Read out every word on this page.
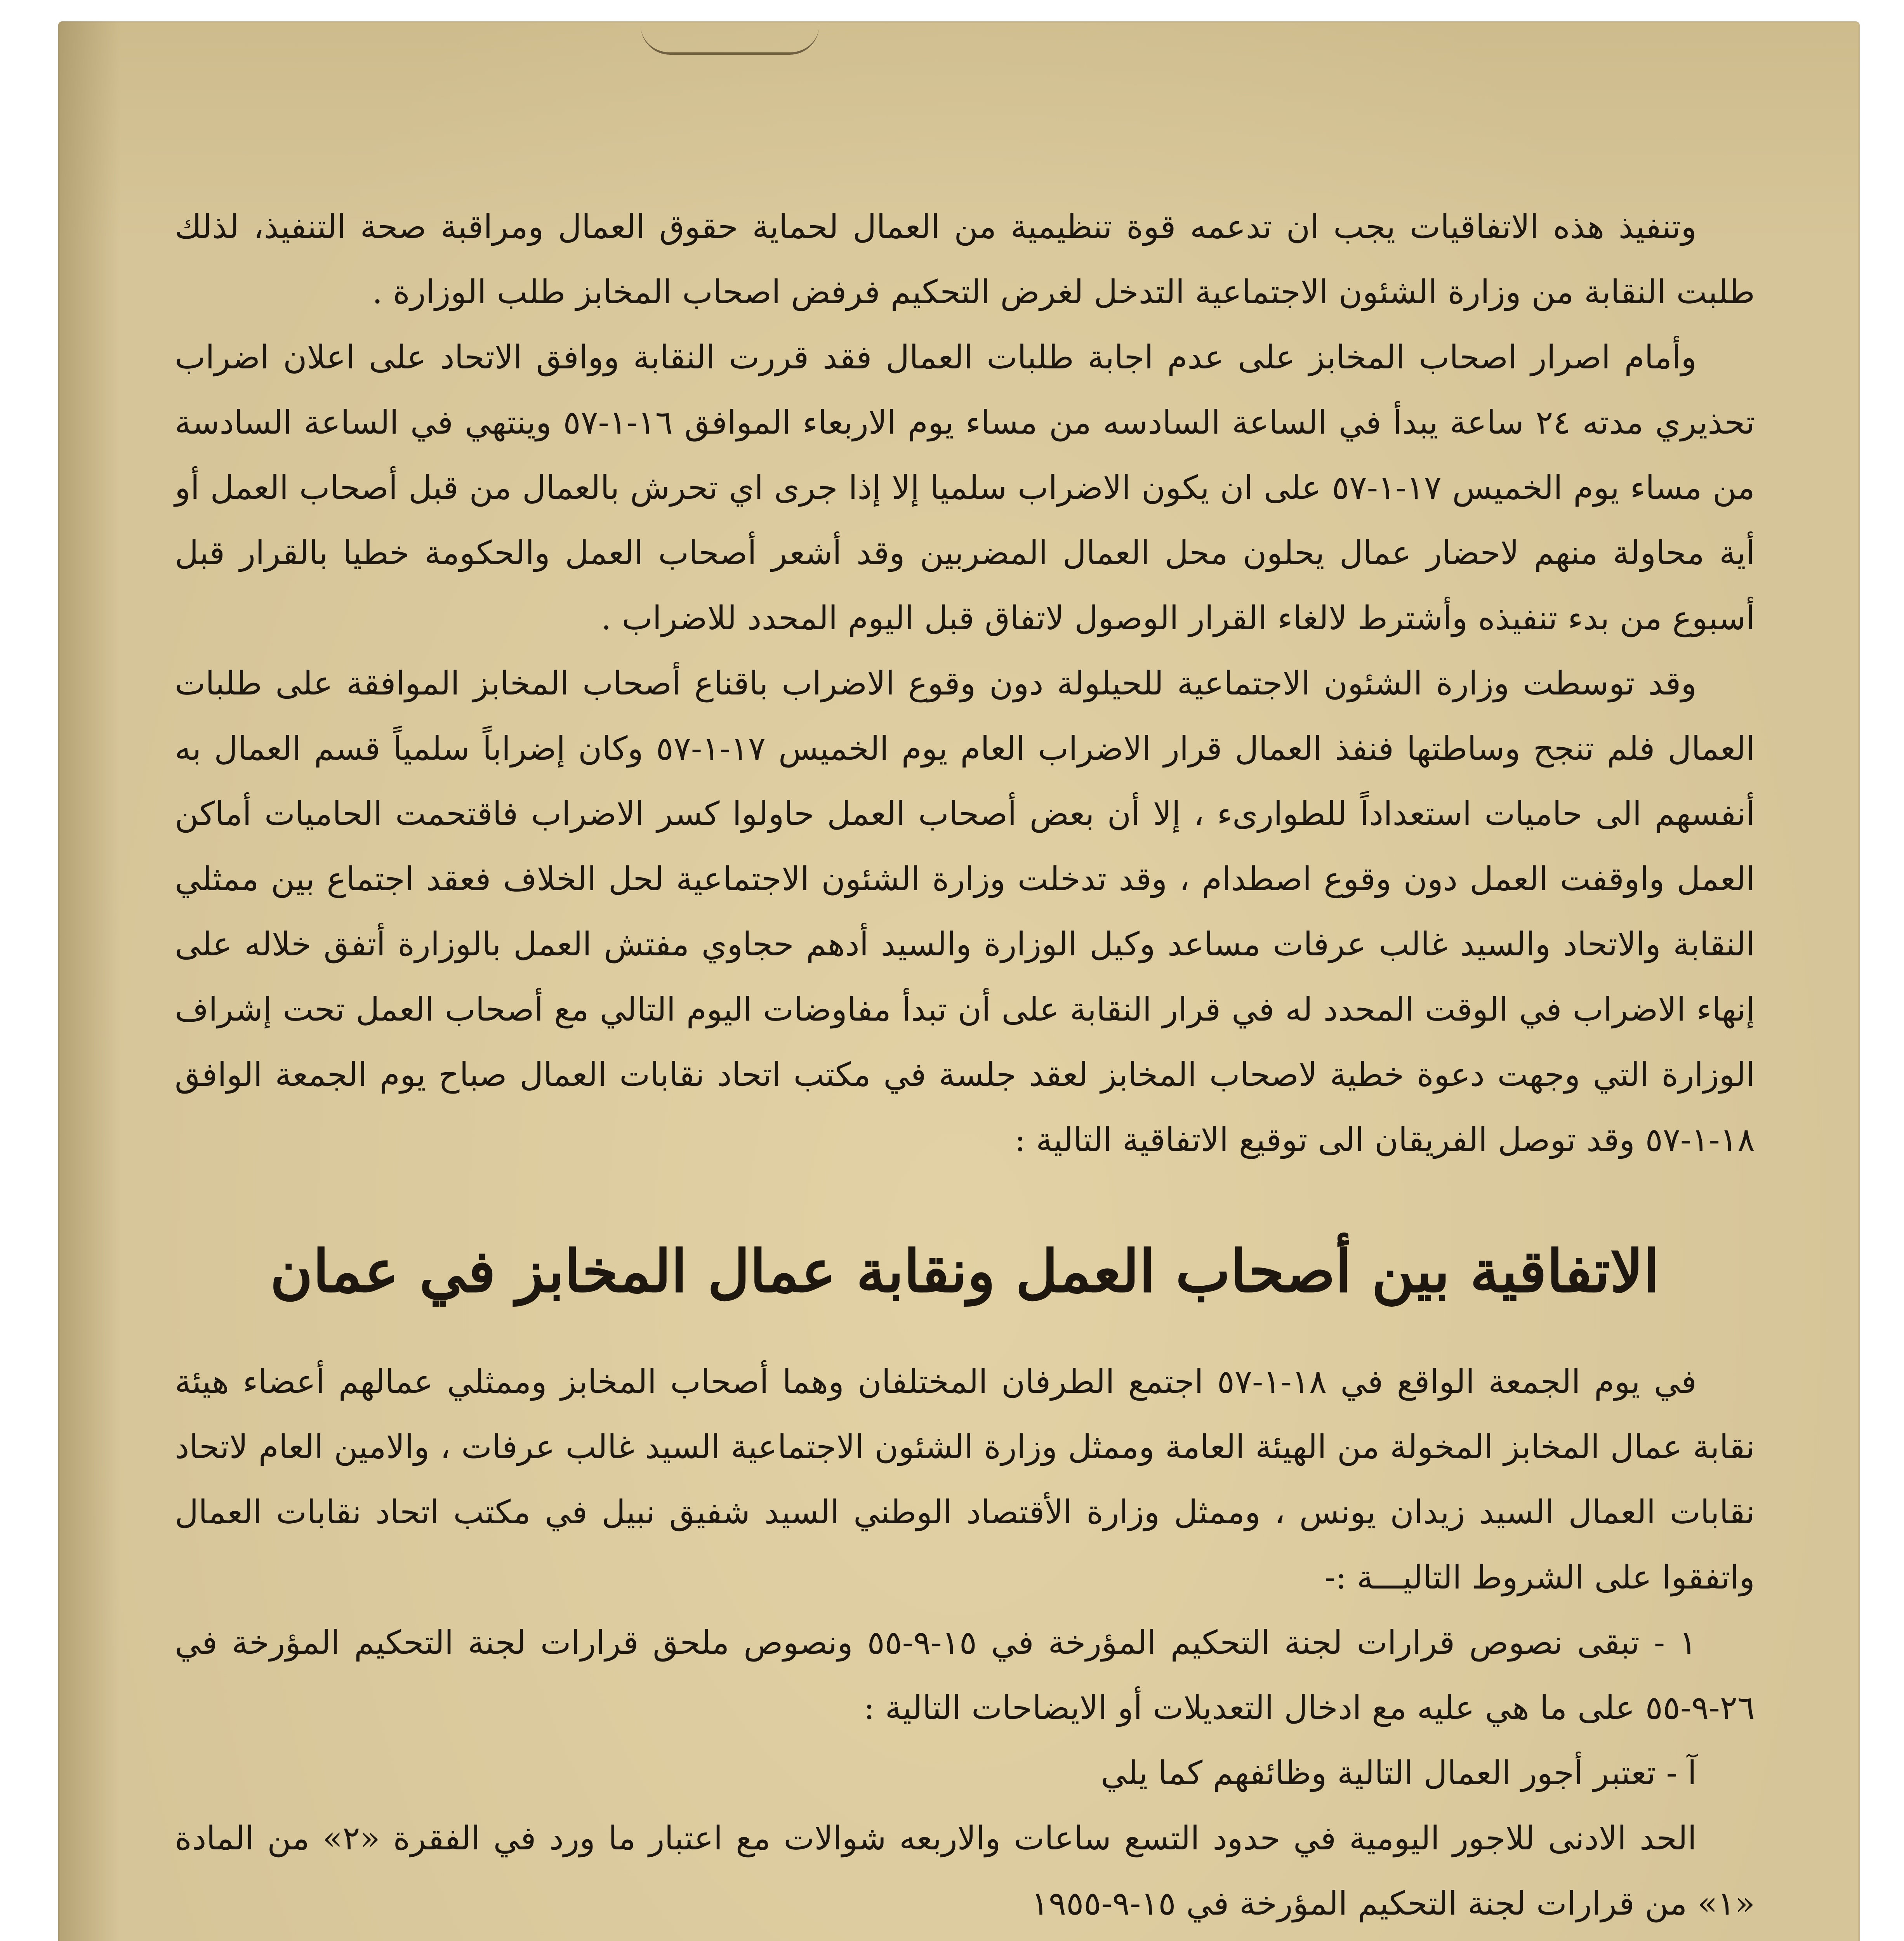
وتنفيذ هذه الاتفاقيات يجب ان تدعمه قوة تنظيمية من العمال لحماية حقوق العمال ومراقبة صحة التنفيذ، لذلك طلبت النقابة من وزارة الشئون الاجتماعية التدخل لغرض التحكيم فرفض اصحاب المخابز طلب الوزارة .

وأمام اصرار اصحاب المخابز على عدم اجابة طلبات العمال فقد قررت النقابة ووافق الاتحاد على اعلان اضراب تحذيري مدته ٢٤ ساعة يبدأ في الساعة السادسه من مساء يوم الاربعاء الموافق ١٦-١-٥٧ وينتهي في الساعة السادسة من مساء يوم الخميس ١٧-١-٥٧ على ان يكون الاضراب سلميا إلا إذا جرى اي تحرش بالعمال من قبل أصحاب العمل أو أية محاولة منهم لاحضار عمال يحلون محل العمال المضربين وقد أشعر أصحاب العمل والحكومة خطيا بالقرار قبل أسبوع من بدء تنفيذه وأشترط لالغاء القرار الوصول لاتفاق قبل اليوم المحدد للاضراب .

وقد توسطت وزارة الشئون الاجتماعية للحيلولة دون وقوع الاضراب باقناع أصحاب المخابز الموافقة على طلبات العمال فلم تنجح وساطتها فنفذ العمال قرار الاضراب العام يوم الخميس ١٧-١-٥٧ وكان إضراباً سلمياً قسم العمال به أنفسهم الى حاميات استعداداً للطوارىء ، إلا أن بعض أصحاب العمل حاولوا كسر الاضراب فاقتحمت الحاميات أماكن العمل واوقفت العمل دون وقوع اصطدام ، وقد تدخلت وزارة الشئون الاجتماعية لحل الخلاف فعقد اجتماع بين ممثلي النقابة والاتحاد والسيد غالب عرفات مساعد وكيل الوزارة والسيد أدهم حجاوي مفتش العمل بالوزارة أتفق خلاله على إنهاء الاضراب في الوقت المحدد له في قرار النقابة على أن تبدأ مفاوضات اليوم التالي مع أصحاب العمل تحت إشراف الوزارة التي وجهت دعوة خطية لاصحاب المخابز لعقد جلسة في مكتب اتحاد نقابات العمال صباح يوم الجمعة الوافق ١٨-١-٥٧ وقد توصل الفريقان الى توقيع الاتفاقية التالية :

الاتفاقية بين أصحاب العمل ونقابة عمال المخابز في عمان

في يوم الجمعة الواقع في ١٨-١-٥٧ اجتمع الطرفان المختلفان وهما أصحاب المخابز وممثلي عمالهم أعضاء هيئة نقابة عمال المخابز المخولة من الهيئة العامة وممثل وزارة الشئون الاجتماعية السيد غالب عرفات ، والامين العام لاتحاد نقابات العمال السيد زيدان يونس ، وممثل وزارة الأقتصاد الوطني السيد شفيق نبيل في مكتب اتحاد نقابات العمال واتفقوا على الشروط التاليـــة :-

١ - تبقى نصوص قرارات لجنة التحكيم المؤرخة في ١٥-٩-٥٥ ونصوص ملحق قرارات لجنة التحكيم المؤرخة في ٢٦-٩-٥٥ على ما هي عليه مع ادخال التعديلات أو الايضاحات التالية :

آ - تعتبر أجور العمال التالية وظائفهم كما يلي

الحد الادنى للاجور اليومية في حدود التسع ساعات والاربعه شوالات مع اعتبار ما ورد في الفقرة «٢» من المادة «١» من قرارات لجنة التحكيم المؤرخة في ١٥-٩-١٩٥٥
